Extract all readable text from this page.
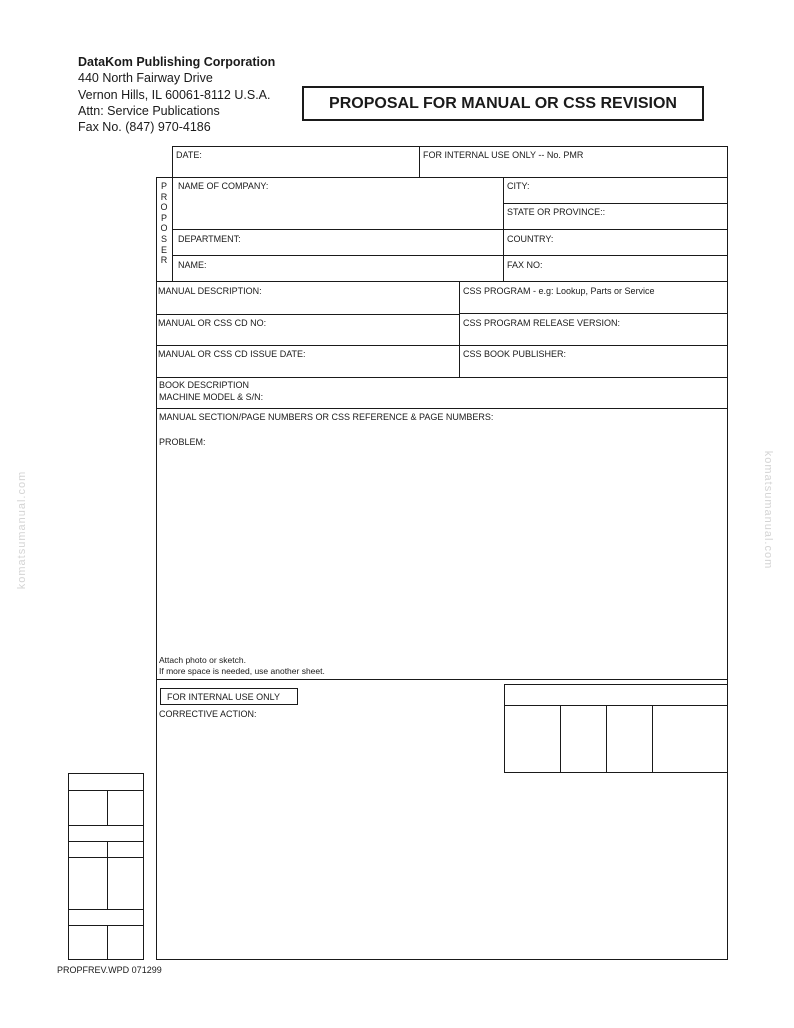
DataKom Publishing Corporation
440 North Fairway Drive
Vernon Hills, IL 60061-8112 U.S.A.
Attn: Service Publications
Fax No. (847) 970-4186
PROPOSAL FOR MANUAL OR CSS REVISION
komatsumanual.com	komatsumanual.com
P
R
O
P
O
S
E
R
DATE:	FOR INTERNAL USE ONLY -- No. PMR
NAME OF COMPANY:	CITY:
STATE OR PROVINCE::
DEPARTMENT:	COUNTRY:
NAME:	FAX NO:
MANUAL DESCRIPTION:	CSS PROGRAM - e.g: Lookup, Parts or Service
MANUAL OR CSS CD NO:	CSS PROGRAM RELEASE VERSION:
MANUAL OR CSS CD ISSUE DATE:	CSS BOOK PUBLISHER:
BOOK DESCRIPTION
MACHINE MODEL & S/N:
MANUAL SECTION/PAGE NUMBERS OR CSS REFERENCE & PAGE NUMBERS:
PROBLEM:
Attach photo or sketch.
If more space is needed, use another sheet.
FOR INTERNAL USE ONLY
CORRECTIVE ACTION:
PROPFREV.WPD 071299
